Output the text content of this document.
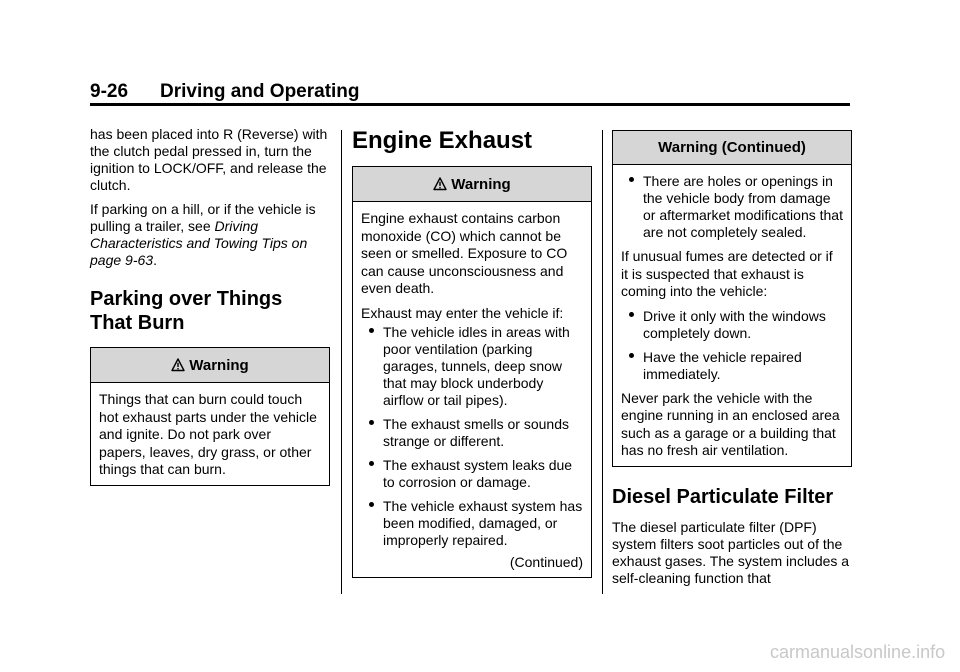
9-26 Driving and Operating

has been placed into R (Reverse) with the clutch pedal pressed in, turn the ignition to LOCK/OFF, and release the clutch.

If parking on a hill, or if the vehicle is pulling a trailer, see Driving Characteristics and Towing Tips on page 9-63.

Parking over Things
That Burn
Warning

Things that can burn could touch hot exhaust parts under the vehicle and ignite. Do not park over papers, leaves, dry grass, or other things that can burn.

Engine Exhaust
Warning

Engine exhaust contains carbon monoxide (CO) which cannot be seen or smelled. Exposure to CO can cause unconsciousness and even death.

Exhaust may enter the vehicle if:

The vehicle idles in areas with poor ventilation (parking garages, tunnels, deep snow that may block underbody airflow or tail pipes).
The exhaust smells or sounds strange or different.
The exhaust system leaks due to corrosion or damage.
The vehicle exhaust system has been modified, damaged, or improperly repaired.
(Continued)
Warning (Continued)
There are holes or openings in the vehicle body from damage or aftermarket modifications that are not completely sealed.

If unusual fumes are detected or if it is suspected that exhaust is coming into the vehicle:

Drive it only with the windows completely down.
Have the vehicle repaired immediately.

Never park the vehicle with the engine running in an enclosed area such as a garage or a building that has no fresh air ventilation.

Diesel Particulate Filter

The diesel particulate filter (DPF) system filters soot particles out of the exhaust gases. The system includes a self-cleaning function that

carmanualsonline.info
